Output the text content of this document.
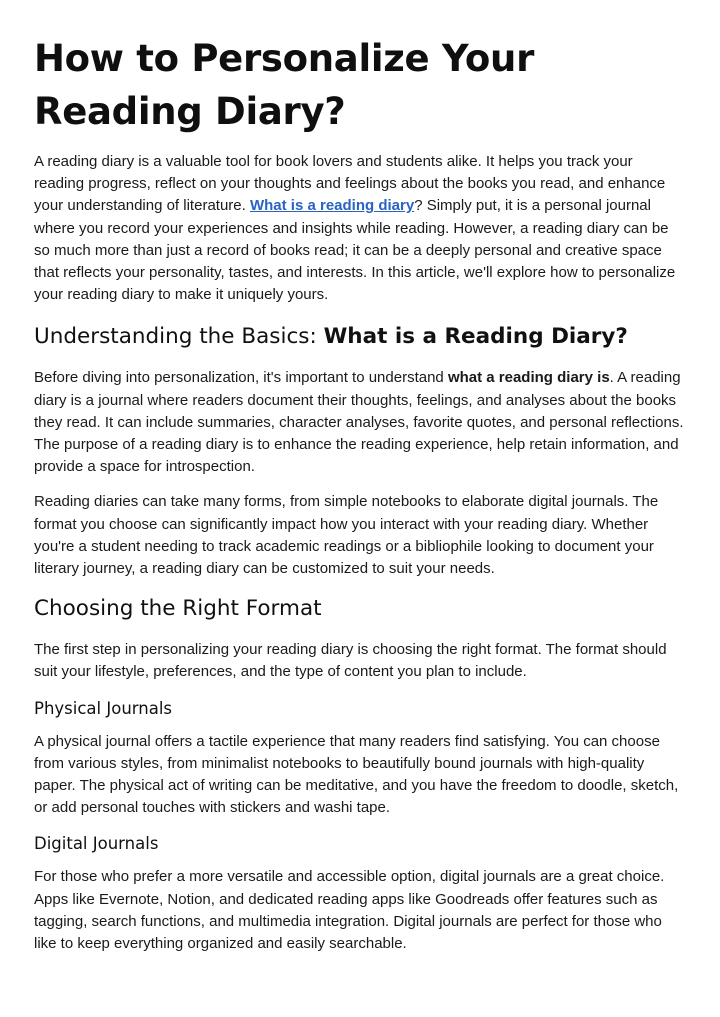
How to Personalize Your Reading Diary?

A reading diary is a valuable tool for book lovers and students alike. It helps you track your reading progress, reflect on your thoughts and feelings about the books you read, and enhance your understanding of literature. What is a reading diary? Simply put, it is a personal journal where you record your experiences and insights while reading. However, a reading diary can be so much more than just a record of books read; it can be a deeply personal and creative space that reflects your personality, tastes, and interests. In this article, we'll explore how to personalize your reading diary to make it uniquely yours.

Understanding the Basics: What is a Reading Diary?

Before diving into personalization, it's important to understand what a reading diary is. A reading diary is a journal where readers document their thoughts, feelings, and analyses about the books they read. It can include summaries, character analyses, favorite quotes, and personal reflections. The purpose of a reading diary is to enhance the reading experience, help retain information, and provide a space for introspection.

Reading diaries can take many forms, from simple notebooks to elaborate digital journals. The format you choose can significantly impact how you interact with your reading diary. Whether you're a student needing to track academic readings or a bibliophile looking to document your literary journey, a reading diary can be customized to suit your needs.

Choosing the Right Format

The first step in personalizing your reading diary is choosing the right format. The format should suit your lifestyle, preferences, and the type of content you plan to include.

Physical Journals

A physical journal offers a tactile experience that many readers find satisfying. You can choose from various styles, from minimalist notebooks to beautifully bound journals with high-quality paper. The physical act of writing can be meditative, and you have the freedom to doodle, sketch, or add personal touches with stickers and washi tape.

Digital Journals

For those who prefer a more versatile and accessible option, digital journals are a great choice. Apps like Evernote, Notion, and dedicated reading apps like Goodreads offer features such as tagging, search functions, and multimedia integration. Digital journals are perfect for those who like to keep everything organized and easily searchable.
